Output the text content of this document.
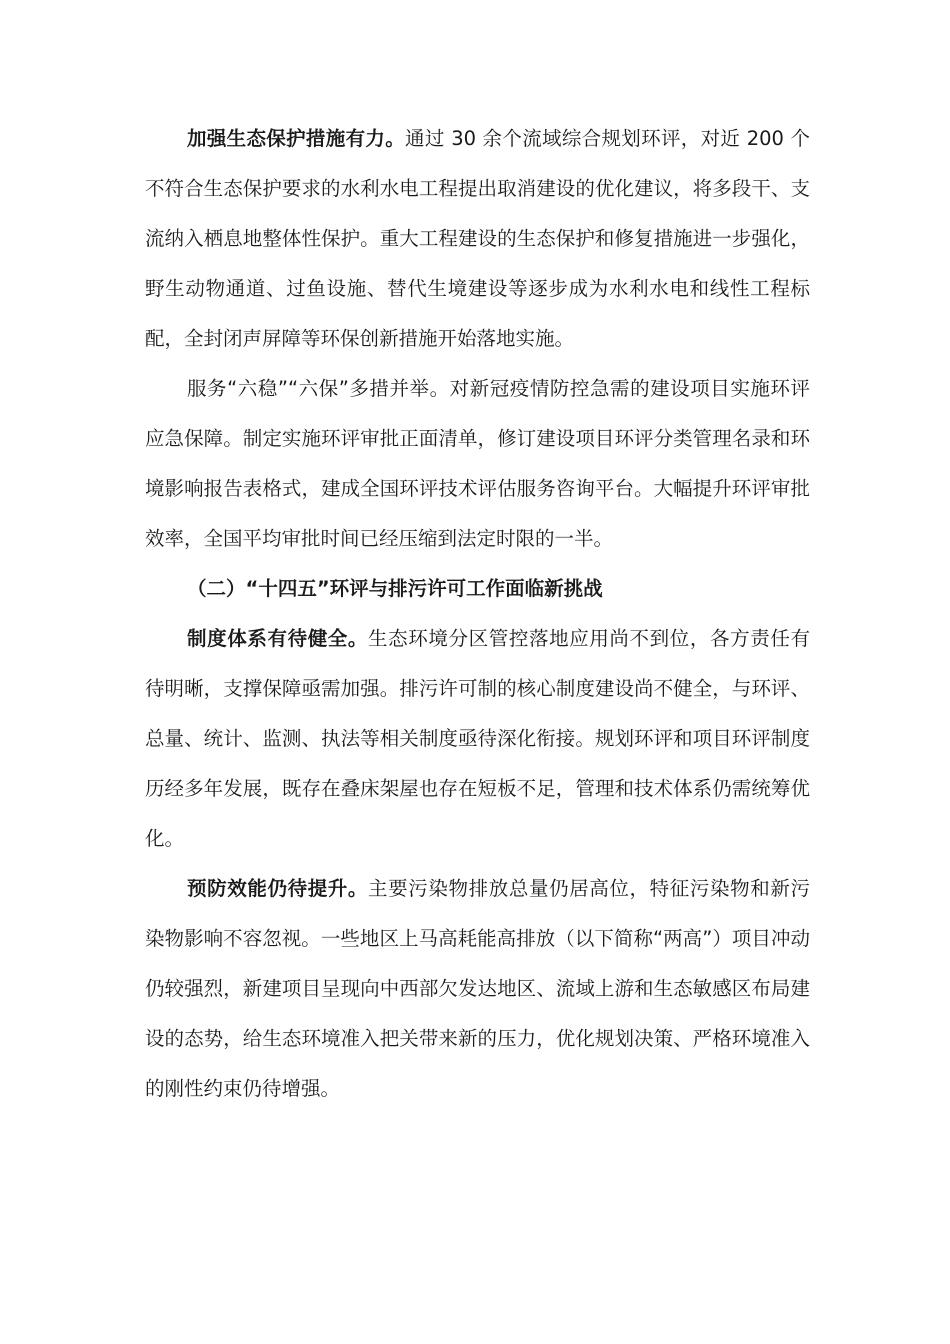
加强生态保护措施有力。通过 30 余个流域综合规划环评，对近 200 个不符合生态保护要求的水利水电工程提出取消建设的优化建议，将多段干、支流纳入栖息地整体性保护。重大工程建设的生态保护和修复措施进一步强化，野生动物通道、过鱼设施、替代生境建设等逐步成为水利水电和线性工程标配，全封闭声屏障等环保创新措施开始落地实施。

服务“六稳”“六保”多措并举。对新冠疫情防控急需的建设项目实施环评应急保障。制定实施环评审批正面清单，修订建设项目环评分类管理名录和环境影响报告表格式，建成全国环评技术评估服务咨询平台。大幅提升环评审批效率，全国平均审批时间已经压缩到法定时限的一半。

（二）“十四五”环评与排污许可工作面临新挑战

制度体系有待健全。生态环境分区管控落地应用尚不到位，各方责任有待明晰，支撑保障亟需加强。排污许可制的核心制度建设尚不健全，与环评、总量、统计、监测、执法等相关制度亟待深化衔接。规划环评和项目环评制度历经多年发展，既存在叠床架屋也存在短板不足，管理和技术体系仍需统筹优化。

预防效能仍待提升。主要污染物排放总量仍居高位，特征污染物和新污染物影响不容忽视。一些地区上马高耗能高排放（以下简称“两高”）项目冲动仍较强烈，新建项目呈现向中西部欠发达地区、流域上游和生态敏感区布局建设的态势，给生态环境准入把关带来新的压力，优化规划决策、严格环境准入的刚性约束仍待增强。
